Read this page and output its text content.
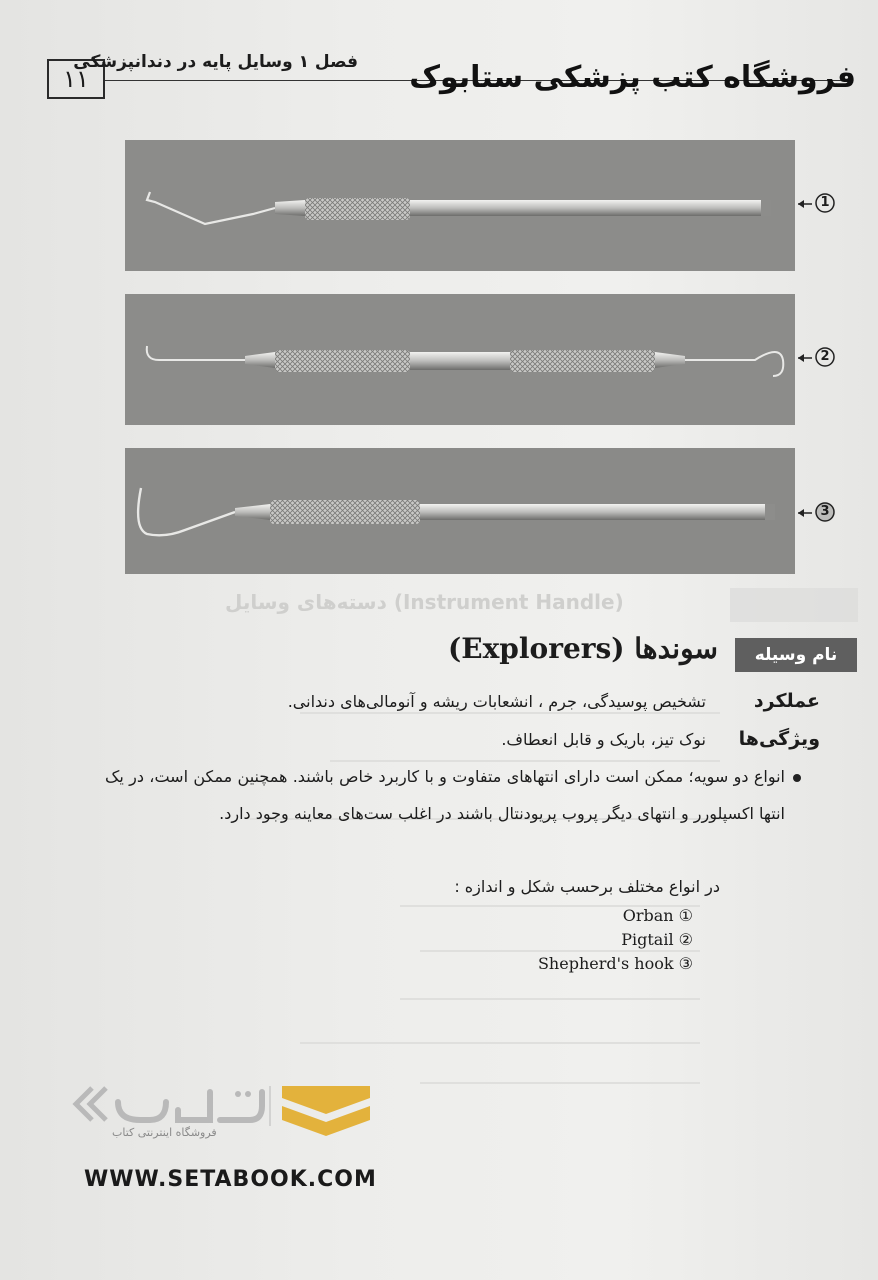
۱۱
فصل ۱ وسایل پایه در دندانپزشکی فروشگاه کتب پزشکی ستابوک
1
2
3
دسته‌های وسایل (Instrument Handle)
نام وسیله
سوندها (Explorers)
عملکرد
تشخیص پوسیدگی، جرم ، انشعابات ریشه و آنومالی‌های دندانی.
ویژگی‌ها
نوک تیز، باریک و قابل انعطاف.
انواع دو سویه؛ ممکن است دارای انتهاهای متفاوت و با کاربرد خاص باشند. همچنین ممکن است، در یک انتها اکسپلورر و انتهای دیگر پروب پریودنتال باشند در اغلب ست‌های معاینه وجود دارد.
در انواع مختلف برحسب شکل و اندازه :
Orban ①
Pigtail ②
Shepherd's hook ③
فروشگاه اینترنتی کتاب
WWW.SETABOOK.COM
